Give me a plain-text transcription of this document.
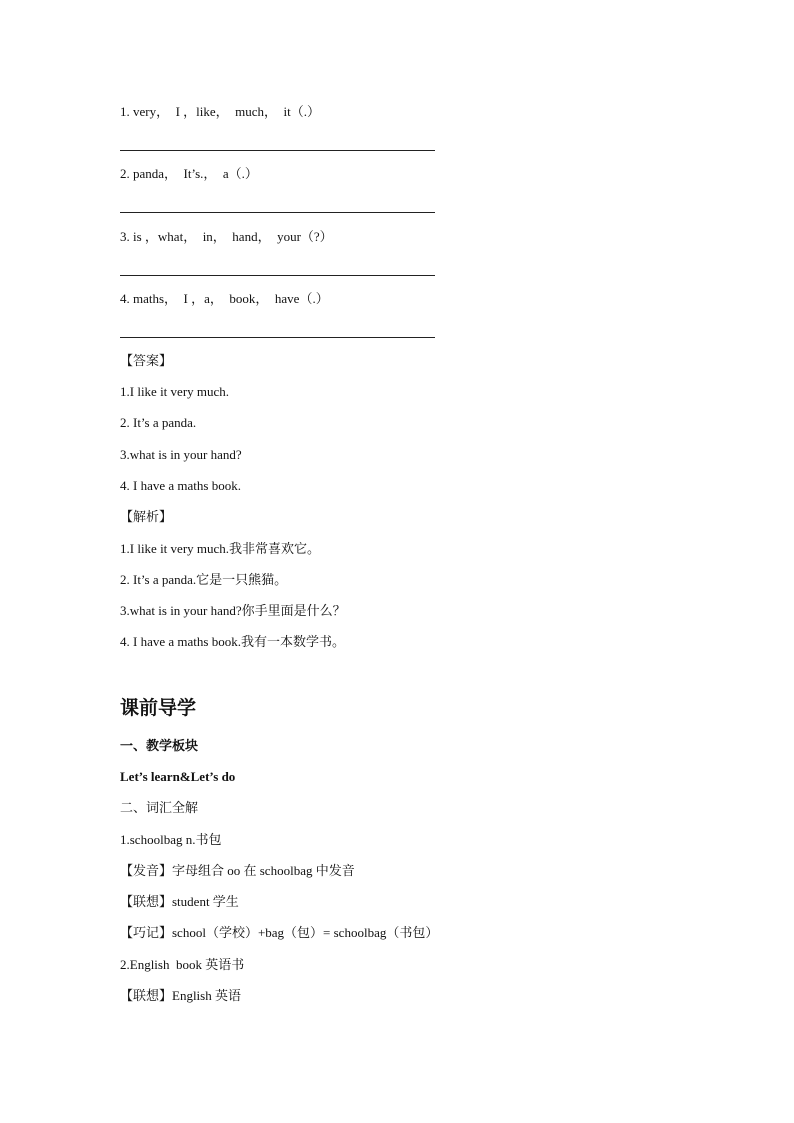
1. very，  I ，like，  much，  it（.）
2. panda，  It’s.，  a（.）
3. is ，what，  in，  hand，  your（?）
4. maths，  I ，a，  book，  have（.）
【答案】
1.I like it very much.
2. It’s a panda.
3.what is in your hand?
4. I have a maths book.
【解析】
1.I like it very much.我非常喜欢它。
2. It’s a panda.它是一只熊猫。
3.what is in your hand?你手里面是什么？
4. I have a maths book.我有一本数学书。
课前导学
一、教学板块
Let’s learn&Let’s do
二、词汇全解
1.schoolbag n.书包
【发音】字母组合 oo 在 schoolbag 中发音
【联想】student 学生
【巧记】school（学校）+bag（包）= schoolbag（书包）
2.English  book 英语书
【联想】English 英语
